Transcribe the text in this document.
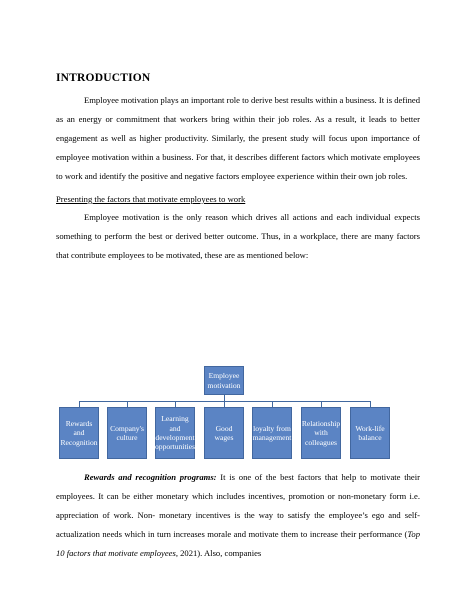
INTRODUCTION

Employee motivation plays an important role to derive best results within a business. It is defined as an energy or commitment that workers bring within their job roles. As a result, it leads to better engagement as well as higher productivity. Similarly, the present study will focus upon importance of employee motivation within a business. For that, it describes different factors which motivate employees to work and identify the positive and negative factors employee experience within their own job roles.

Presenting the factors that motivate employees to work

Employee motivation is the only reason which drives all actions and each individual expects something to perform the best or derived better outcome. Thus, in a workplace, there are many factors that contribute employees to be motivated, these are as mentioned below:

Employee motivation
Rewards and Recognition
Company's culture
Learning and development opportunities
Good wages
loyalty from management
Relationship with colleagues
Work-life balance

Rewards and recognition programs: It is one of the best factors that help to motivate their employees. It can be either monetary which includes incentives, promotion or non-monetary form i.e. appreciation of work. Non- monetary incentives is the way to satisfy the employee’s ego and self-actualization needs which in turn increases morale and motivate them to increase their performance (Top 10 factors that motivate employees, 2021). Also, companies
